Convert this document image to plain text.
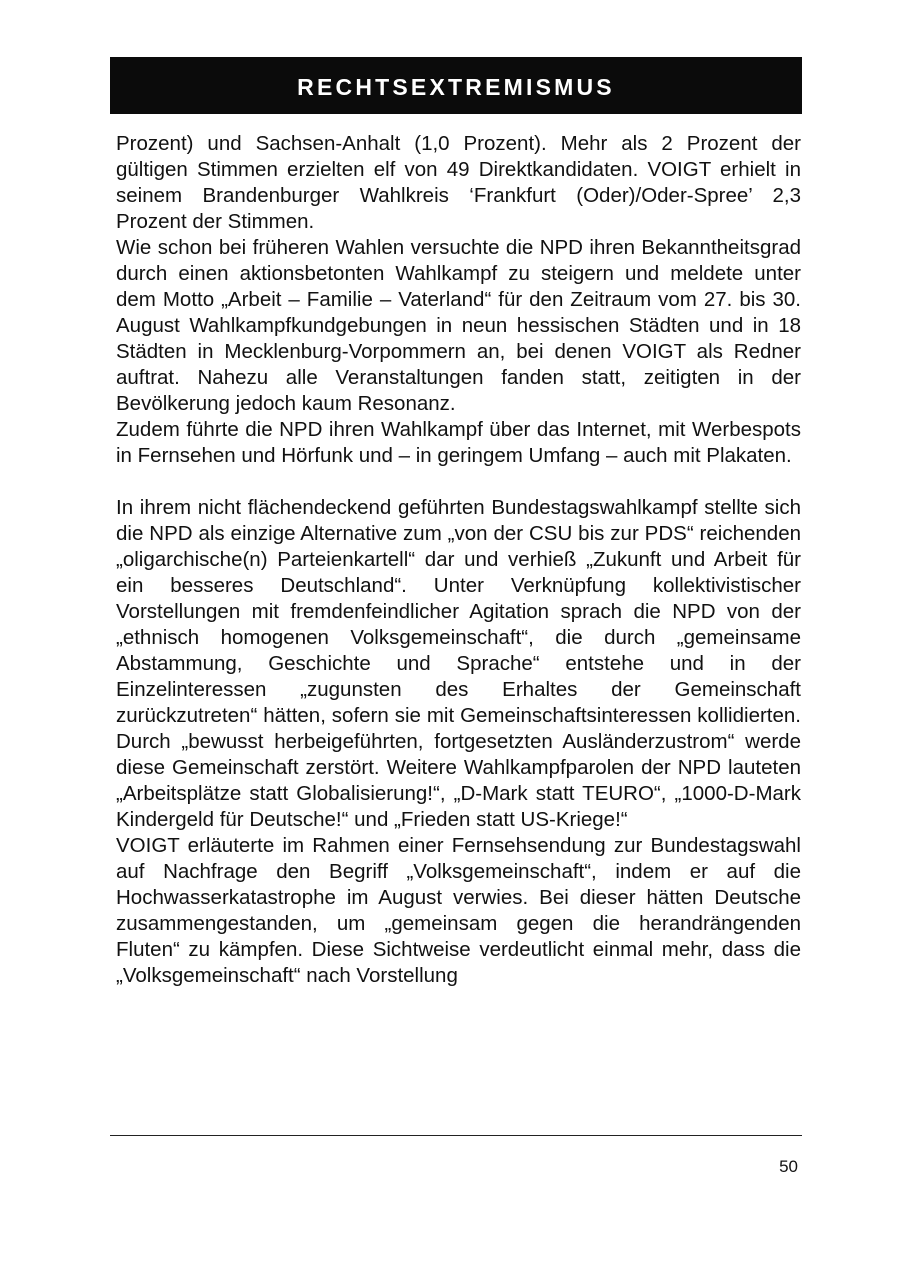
RECHTSEXTREMISMUS

Prozent) und Sachsen-Anhalt (1,0 Prozent). Mehr als 2 Prozent der gültigen Stimmen erzielten elf von 49 Direktkandidaten. VOIGT erhielt in seinem Brandenburger Wahlkreis ‘Frankfurt (Oder)/Oder-Spree’ 2,3 Prozent der Stimmen.

Wie schon bei früheren Wahlen versuchte die NPD ihren Bekanntheitsgrad durch einen aktionsbetonten Wahlkampf zu steigern und meldete unter dem Motto „Arbeit – Familie – Vaterland“ für den Zeitraum vom 27. bis 30. August Wahlkampfkundgebungen in neun hessischen Städten und in 18 Städten in Mecklenburg-Vorpommern an, bei denen VOIGT als Redner auftrat. Nahezu alle Veranstaltungen fanden statt, zeitigten in der Bevölkerung jedoch kaum Resonanz.

Zudem führte die NPD ihren Wahlkampf über das Internet, mit Werbespots in Fernsehen und Hörfunk und – in geringem Umfang – auch mit Plakaten.

In ihrem nicht flächendeckend geführten Bundestagswahlkampf stellte sich die NPD als einzige Alternative zum „von der CSU bis zur PDS“ reichenden „oligarchische(n) Parteienkartell“ dar und verhieß „Zukunft und Arbeit für ein besseres Deutschland“. Unter Verknüpfung kollektivistischer Vorstellungen mit fremdenfeindlicher Agitation sprach die NPD von der „ethnisch homogenen Volksgemeinschaft“, die durch „gemeinsame Abstammung, Geschichte und Sprache“ entstehe und in der Einzelinteressen „zugunsten des Erhaltes der Gemeinschaft zurückzutreten“ hätten, sofern sie mit Gemeinschaftsinteressen kollidierten. Durch „bewusst herbeigeführten, fortgesetzten Ausländerzustrom“ werde diese Gemeinschaft zerstört. Weitere Wahlkampfparolen der NPD lauteten „Arbeitsplätze statt Globalisierung!“, „D-Mark statt TEURO“, „1000-D-Mark Kindergeld für Deutsche!“ und „Frieden statt US-Kriege!“

VOIGT erläuterte im Rahmen einer Fernsehsendung zur Bundestagswahl auf Nachfrage den Begriff „Volksgemeinschaft“, indem er auf die Hochwasserkatastrophe im August verwies. Bei dieser hätten Deutsche zusammengestanden, um „gemeinsam gegen die herandrängenden Fluten“ zu kämpfen. Diese Sichtweise verdeutlicht einmal mehr, dass die „Volksgemeinschaft“ nach Vorstellung

50
